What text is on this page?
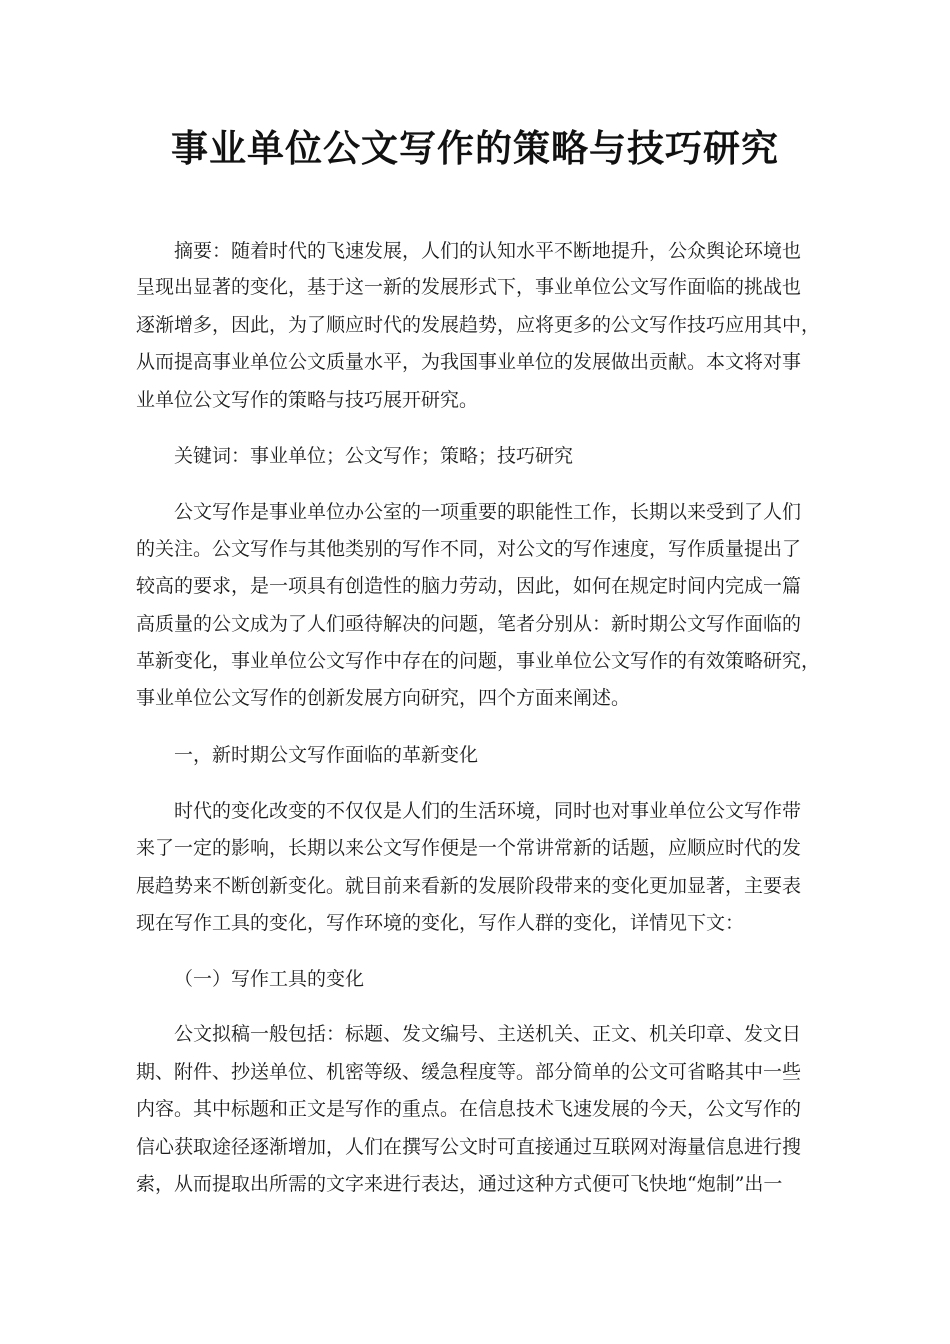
事业单位公文写作的策略与技巧研究
摘要：随着时代的飞速发展，人们的认知水平不断地提升，公众舆论环境也
呈现出显著的变化，基于这一新的发展形式下，事业单位公文写作面临的挑战也
逐渐增多，因此，为了顺应时代的发展趋势，应将更多的公文写作技巧应用其中，
从而提高事业单位公文质量水平，为我国事业单位的发展做出贡献。本文将对事
业单位公文写作的策略与技巧展开研究。
关键词：事业单位；公文写作；策略；技巧研究
公文写作是事业单位办公室的一项重要的职能性工作，长期以来受到了人们
的关注。公文写作与其他类别的写作不同，对公文的写作速度，写作质量提出了
较高的要求，是一项具有创造性的脑力劳动，因此，如何在规定时间内完成一篇
高质量的公文成为了人们亟待解决的问题，笔者分别从：新时期公文写作面临的
革新变化，事业单位公文写作中存在的问题，事业单位公文写作的有效策略研究，
事业单位公文写作的创新发展方向研究，四个方面来阐述。
一，新时期公文写作面临的革新变化
时代的变化改变的不仅仅是人们的生活环境，同时也对事业单位公文写作带
来了一定的影响，长期以来公文写作便是一个常讲常新的话题，应顺应时代的发
展趋势来不断创新变化。就目前来看新的发展阶段带来的变化更加显著，主要表
现在写作工具的变化，写作环境的变化，写作人群的变化，详情见下文：
（一）写作工具的变化
公文拟稿一般包括：标题、发文编号、主送机关、正文、机关印章、发文日
期、附件、抄送单位、机密等级、缓急程度等。部分简单的公文可省略其中一些
内容。其中标题和正文是写作的重点。在信息技术飞速发展的今天，公文写作的
信心获取途径逐渐增加，人们在撰写公文时可直接通过互联网对海量信息进行搜
索，从而提取出所需的文字来进行表达，通过这种方式便可飞快地“炮制”出一
